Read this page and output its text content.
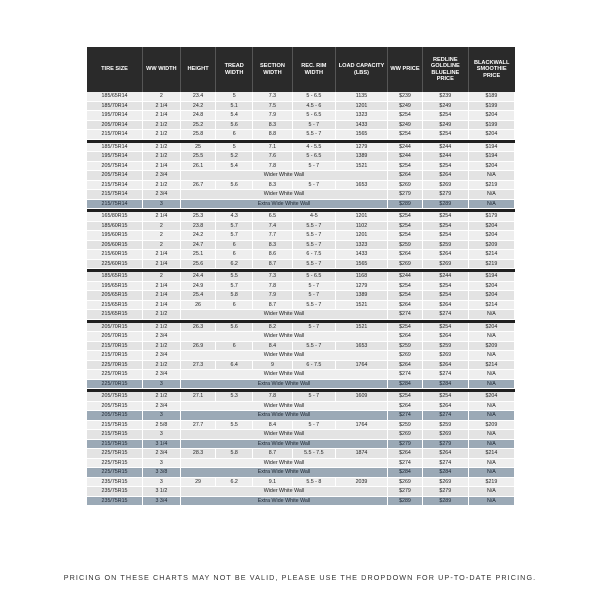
TIRE SIZE	WW WIDTH	HEIGHT	TREAD WIDTH	SECTION WIDTH	REC. RIM WIDTH	LOAD CAPACITY (LBS)	WW PRICE	REDLINE GOLDLINE BLUELINE PRICE	BLACKWALL SMOOTHIE PRICE
185/65R14	2	23.4	5	7.3	5 - 6.5	1135	$239	$239	$189
185/70R14	2 1/4	24.2	5.1	7.5	4.5 - 6	1201	$249	$249	$199
195/70R14	2 1/4	24.8	5.4	7.9	5 - 6.5	1323	$254	$254	$204
205/70R14	2 1/2	25.2	5.6	8.3	5 - 7	1433	$249	$249	$199
215/70R14	2 1/2	25.8	6	8.8	5.5 - 7	1565	$254	$254	$204

185/75R14	2 1/2	25	5	7.1	4 - 5.5	1279	$244	$244	$194
195/75R14	2 1/2	25.5	5.2	7.6	5 - 6.5	1389	$244	$244	$194
205/75R14	2 1/4	26.1	5.4	7.8	5 - 7	1521	$254	$254	$204
205/75R14	2 3/4	Wider White Wall					$264	$264	N/A
215/75R14	2 1/2	26.7	5.6	8.3	5 - 7	1653	$269	$269	$219
215/75R14	2 3/4	Wider White Wall					$279	$279	N/A
215/75R14	3	Extra Wide White Wall					$289	$289	N/A

165/80R15	2 1/4	25.3	4.3	6.5	4-5	1201	$254	$254	$179
185/60R15	2	23.8	5.7	7.4	5.5 - 7	1102	$254	$254	$204
195/60R15	2	24.2	5.7	7.7	5.5 - 7	1201	$254	$254	$204
205/60R15	2	24.7	6	8.3	5.5 - 7	1323	$259	$259	$209
215/60R15	2 1/4	25.1	6	8.6	6 - 7.5	1433	$264	$264	$214
225/60R15	2 1/4	25.6	6.2	8.7	5.5 - 7	1565	$269	$269	$219

185/65R15	2	24.4	5.5	7.3	5 - 6.5	1168	$244	$244	$194
195/65R15	2 1/4	24.9	5.7	7.8	5 - 7	1279	$254	$254	$204
205/65R15	2 1/4	25.4	5.8	7.9	5 - 7	1389	$254	$254	$204
215/65R15	2 1/4	26	6	8.7	5.5 - 7	1521	$264	$264	$214
215/65R15	2 1/2	Wider White Wall					$274	$274	N/A

205/70R15	2 1/2	26.3	5.6	8.2	5 - 7	1521	$254	$254	$204
205/70R15	2 3/4	Wider White Wall					$264	$264	N/A
215/70R15	2 1/2	26.9	6	8.4	5.5 - 7	1653	$259	$259	$209
215/70R15	2 3/4	Wider White Wall					$269	$269	N/A
225/70R15	2 1/2	27.3	6.4	9	6 - 7.5	1764	$264	$264	$214
225/70R15	2 3/4	Wider White Wall					$274	$274	N/A
225/70R15	3	Extra Wide White Wall					$284	$284	N/A

205/75R15	2 1/2	27.1	5.3	7.8	5 - 7	1609	$254	$254	$204
205/75R15	2 3/4	Wider White Wall					$264	$264	N/A
205/75R15	3	Extra Wide White Wall					$274	$274	N/A
215/75R15	2 5/8	27.7	5.5	8.4	5 - 7	1764	$259	$259	$209
215/75R15	3	Wider White Wall					$269	$269	N/A
215/75R15	3 1/4	Extra Wide White Wall					$279	$279	N/A
225/75R15	2 3/4	28.3	5.8	8.7	5.5 - 7.5	1874	$264	$264	$214
225/75R15	3	Wider White Wall					$274	$274	N/A
225/75R15	3 3/8	Extra Wide White Wall					$284	$284	N/A
235/75R15	3	29	6.2	9.1	5.5 - 8	2039	$269	$269	$219
235/75R15	3 1/2	Wider White Wall					$279	$279	N/A
235/75R15	3 3/4	Extra Wide White Wall					$289	$289	N/A
PRICING ON THESE CHARTS MAY NOT BE VALID, PLEASE USE THE DROPDOWN FOR UP-TO-DATE PRICING.
